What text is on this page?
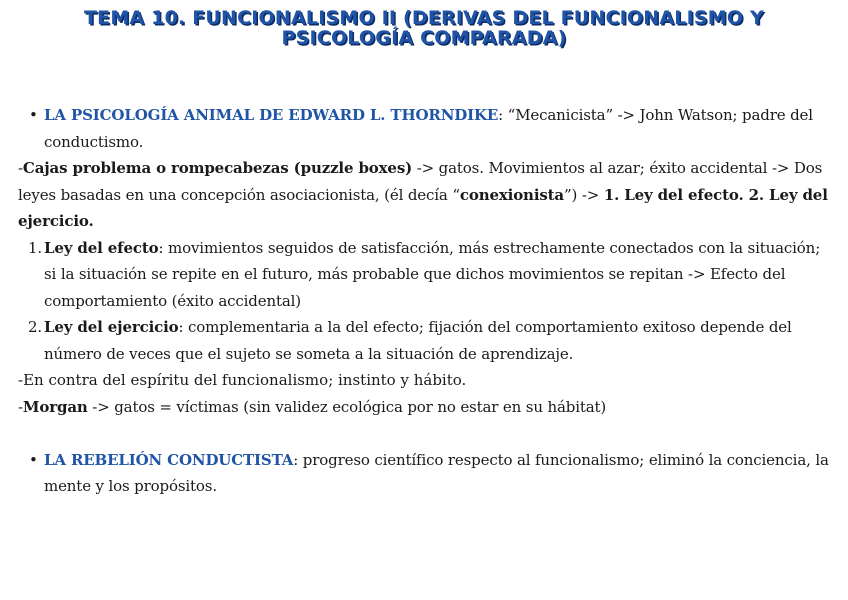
TEMA 10. FUNCIONALISMO II (DERIVAS DEL FUNCIONALISMO Y
PSICOLOGÍA COMPARADA)
• LA PSICOLOGÍA ANIMAL DE EDWARD L. THORNDIKE: “Mecanicista” -> John Watson; padre del conductismo.
-Cajas problema o rompecabezas (puzzle boxes) -> gatos. Movimientos al azar; éxito accidental -> Dos leyes basadas en una concepción asociacionista, (él decía “conexionista”) -> 1. Ley del efecto. 2. Ley del ejercicio.
1. Ley del efecto: movimientos seguidos de satisfacción, más estrechamente conectados con la situación; si la situación se repite en el futuro, más probable que dichos movimientos se repitan -> Efecto del comportamiento (éxito accidental)
2. Ley del ejercicio: complementaria a la del efecto; fijación del comportamiento exitoso depende del número de veces que el sujeto se someta a la situación de aprendizaje.
-En contra del espíritu del funcionalismo; instinto y hábito.
-Morgan -> gatos = víctimas (sin validez ecológica por no estar en su hábitat)
• LA REBELIÓN CONDUCTISTA: progreso científico respecto al funcionalismo; eliminó la conciencia, la mente y los propósitos.
